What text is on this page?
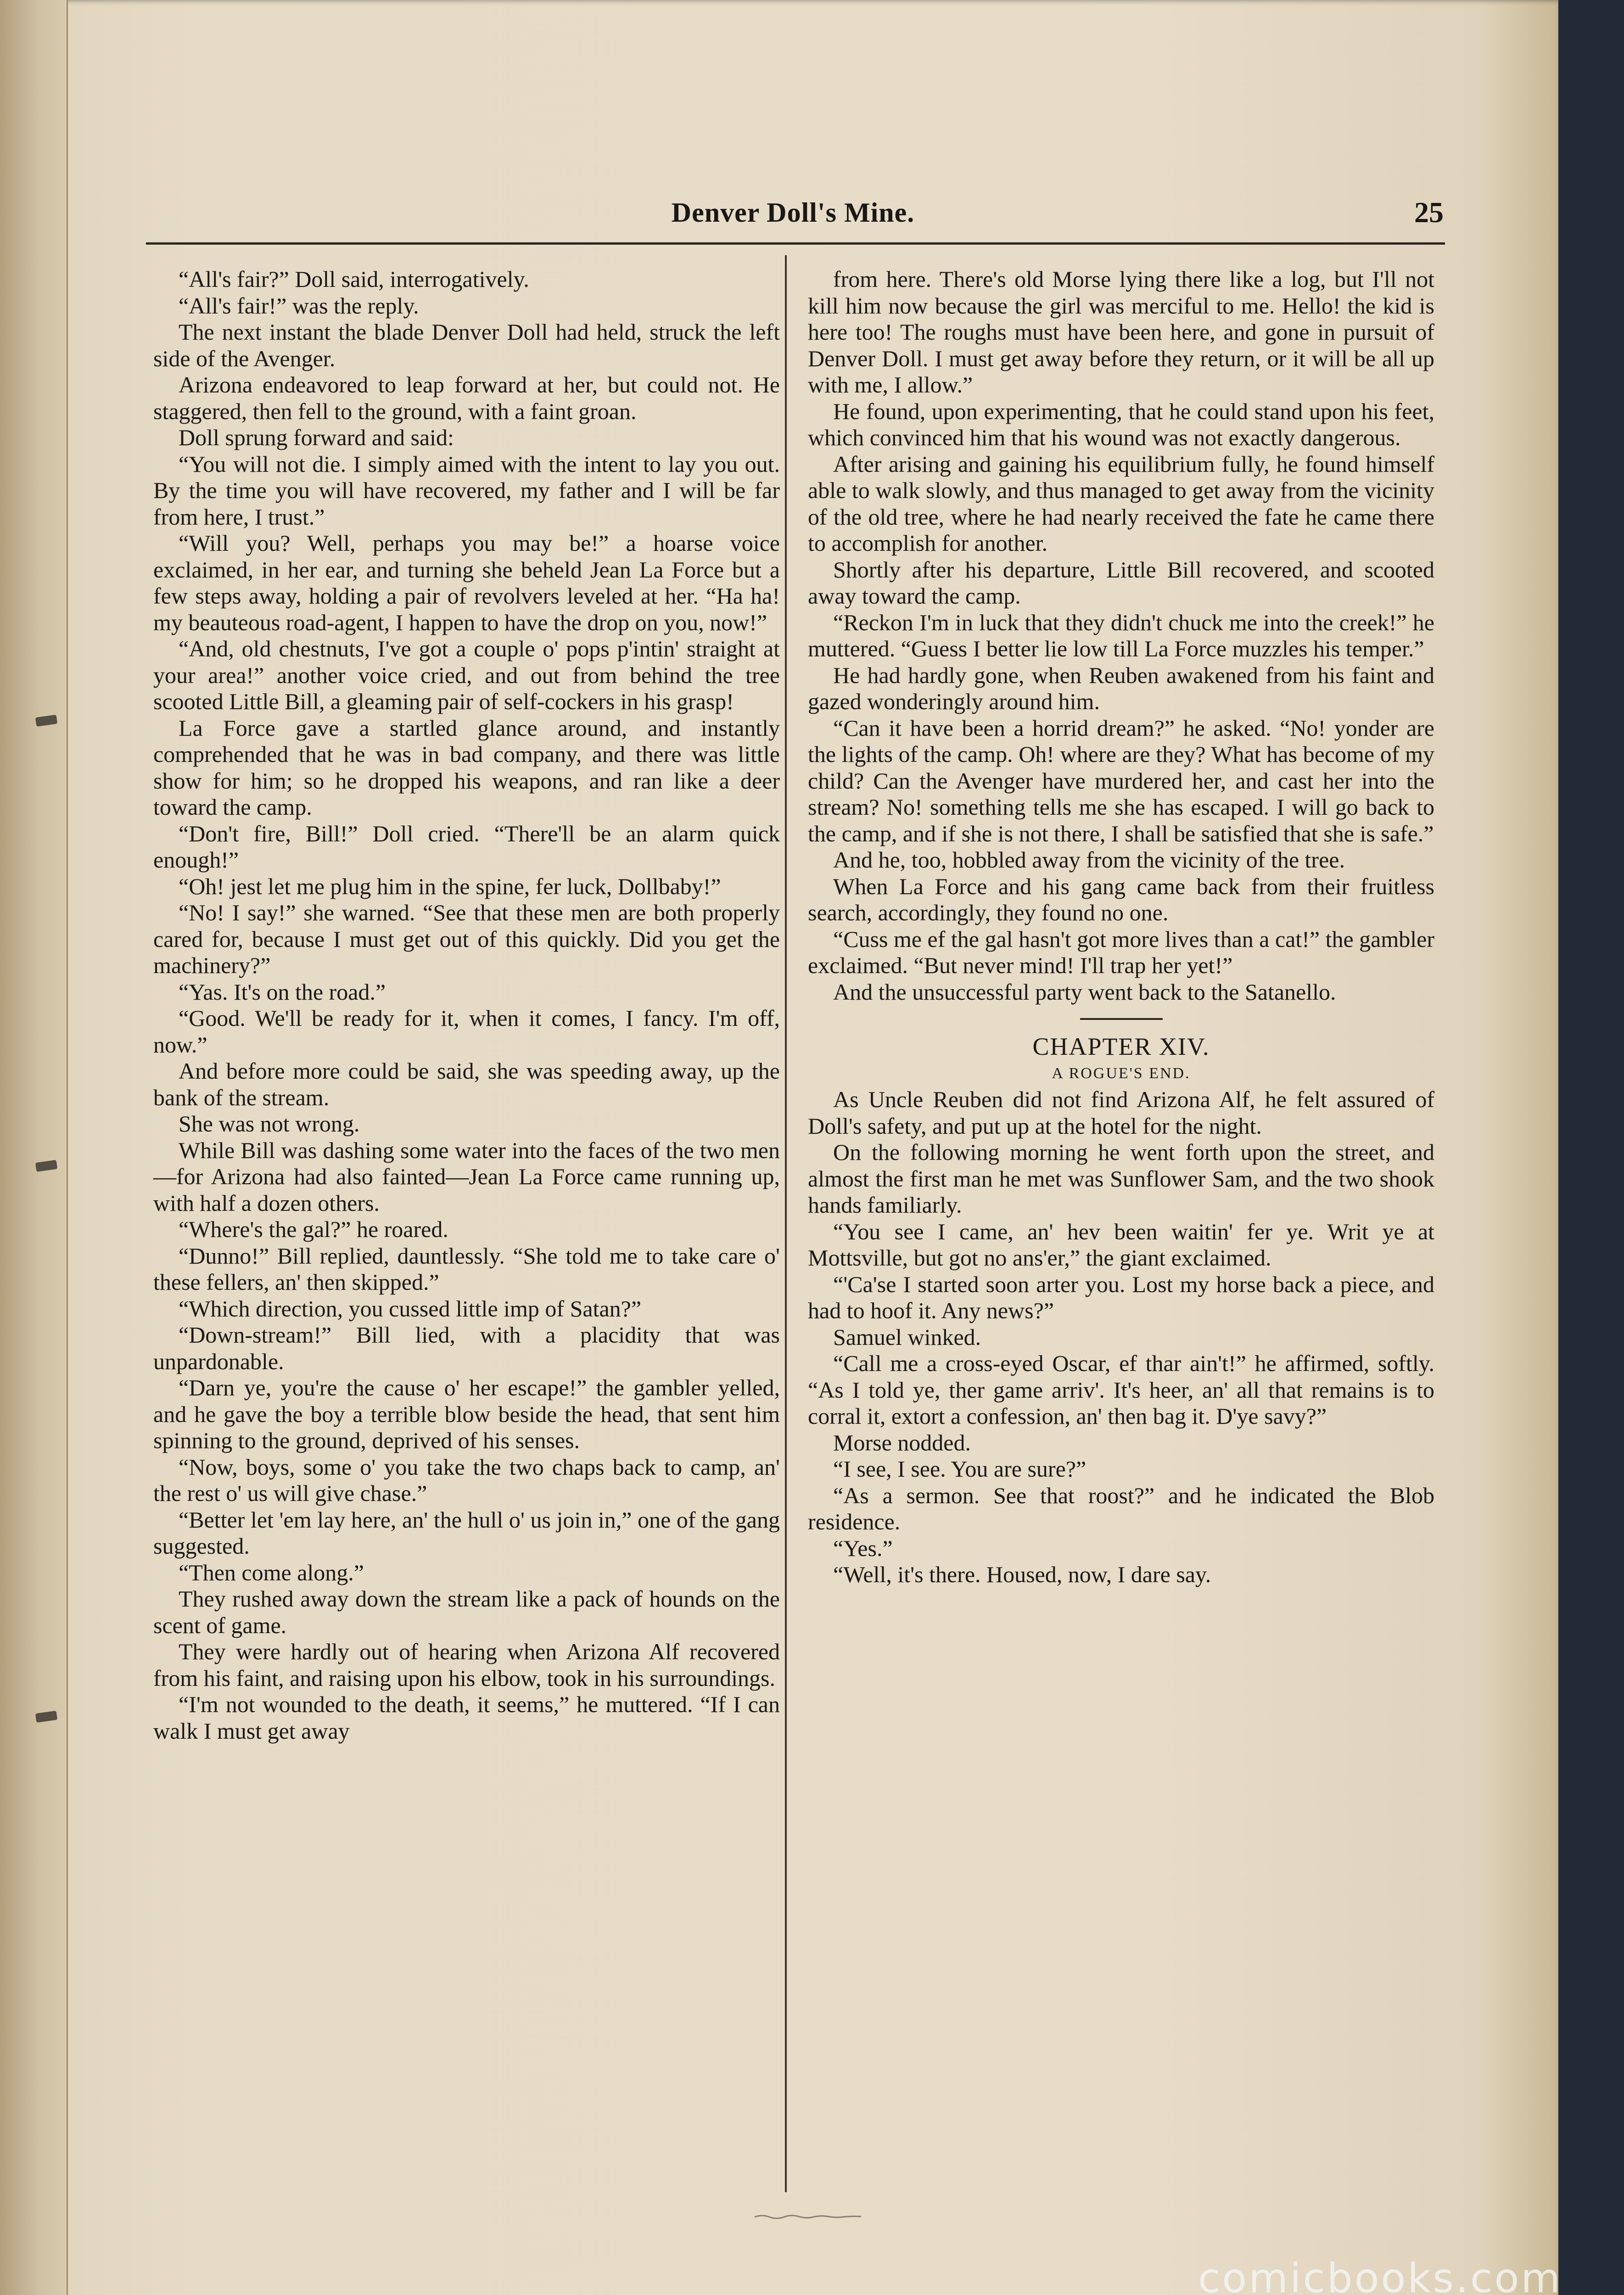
Denver Doll's Mine.	25

“All's fair?” Doll said, interrogatively.

“All's fair!” was the reply.

The next instant the blade Denver Doll had held, struck the left side of the Avenger.

Arizona endeavored to leap forward at her, but could not. He staggered, then fell to the ground, with a faint groan.

Doll sprung forward and said:

“You will not die. I simply aimed with the intent to lay you out. By the time you will have recovered, my father and I will be far from here, I trust.”

“Will you? Well, perhaps you may be!” a hoarse voice exclaimed, in her ear, and turning she beheld Jean La Force but a few steps away, holding a pair of revolvers leveled at her. “Ha ha! my beauteous road-agent, I happen to have the drop on you, now!”

“And, old chestnuts, I've got a couple o' pops p'intin' straight at your area!” another voice cried, and out from behind the tree scooted Little Bill, a gleaming pair of self-cockers in his grasp!

La Force gave a startled glance around, and instantly comprehended that he was in bad company, and there was little show for him; so he dropped his weapons, and ran like a deer toward the camp.

“Don't fire, Bill!” Doll cried. “There'll be an alarm quick enough!”

“Oh! jest let me plug him in the spine, fer luck, Dollbaby!”

“No! I say!” she warned. “See that these men are both properly cared for, because I must get out of this quickly. Did you get the machinery?”

“Yas. It's on the road.”

“Good. We'll be ready for it, when it comes, I fancy. I'm off, now.”

And before more could be said, she was speeding away, up the bank of the stream.

She was not wrong.

While Bill was dashing some water into the faces of the two men—for Arizona had also fainted—Jean La Force came running up, with half a dozen others.

“Where's the gal?” he roared.

“Dunno!” Bill replied, dauntlessly. “She told me to take care o' these fellers, an' then skipped.”

“Which direction, you cussed little imp of Satan?”

“Down-stream!” Bill lied, with a placidity that was unpardonable.

“Darn ye, you're the cause o' her escape!” the gambler yelled, and he gave the boy a terrible blow beside the head, that sent him spinning to the ground, deprived of his senses.

“Now, boys, some o' you take the two chaps back to camp, an' the rest o' us will give chase.”

“Better let 'em lay here, an' the hull o' us join in,” one of the gang suggested.

“Then come along.”

They rushed away down the stream like a pack of hounds on the scent of game.

They were hardly out of hearing when Arizona Alf recovered from his faint, and raising upon his elbow, took in his surroundings.

“I'm not wounded to the death, it seems,” he muttered. “If I can walk I must get away

from here. There's old Morse lying there like a log, but I'll not kill him now because the girl was merciful to me. Hello! the kid is here too! The roughs must have been here, and gone in pursuit of Denver Doll. I must get away before they return, or it will be all up with me, I allow.”

He found, upon experimenting, that he could stand upon his feet, which convinced him that his wound was not exactly dangerous.

After arising and gaining his equilibrium fully, he found himself able to walk slowly, and thus managed to get away from the vicinity of the old tree, where he had nearly received the fate he came there to accomplish for another.

Shortly after his departure, Little Bill recovered, and scooted away toward the camp.

“Reckon I'm in luck that they didn't chuck me into the creek!” he muttered. “Guess I better lie low till La Force muzzles his temper.”

He had hardly gone, when Reuben awakened from his faint and gazed wonderingly around him.

“Can it have been a horrid dream?” he asked. “No! yonder are the lights of the camp. Oh! where are they? What has become of my child? Can the Avenger have murdered her, and cast her into the stream? No! something tells me she has escaped. I will go back to the camp, and if she is not there, I shall be satisfied that she is safe.”

And he, too, hobbled away from the vicinity of the tree.

When La Force and his gang came back from their fruitless search, accordingly, they found no one.

“Cuss me ef the gal hasn't got more lives than a cat!” the gambler exclaimed. “But never mind! I'll trap her yet!”

And the unsuccessful party went back to the Satanello.

CHAPTER XIV.

A ROGUE'S END.

As Uncle Reuben did not find Arizona Alf, he felt assured of Doll's safety, and put up at the hotel for the night.

On the following morning he went forth upon the street, and almost the first man he met was Sunflower Sam, and the two shook hands familiarly.

“You see I came, an' hev been waitin' fer ye. Writ ye at Mottsville, but got no ans'er,” the giant exclaimed.

“'Ca'se I started soon arter you. Lost my horse back a piece, and had to hoof it. Any news?”

Samuel winked.

“Call me a cross-eyed Oscar, ef thar ain't!” he affirmed, softly. “As I told ye, ther game arriv'. It's heer, an' all that remains is to corral it, extort a confession, an' then bag it. D'ye savy?”

Morse nodded.

“I see, I see. You are sure?”

“As a sermon. See that roost?” and he indicated the Blob residence.

“Yes.”

“Well, it's there. Housed, now, I dare say.

comicbooks.com
